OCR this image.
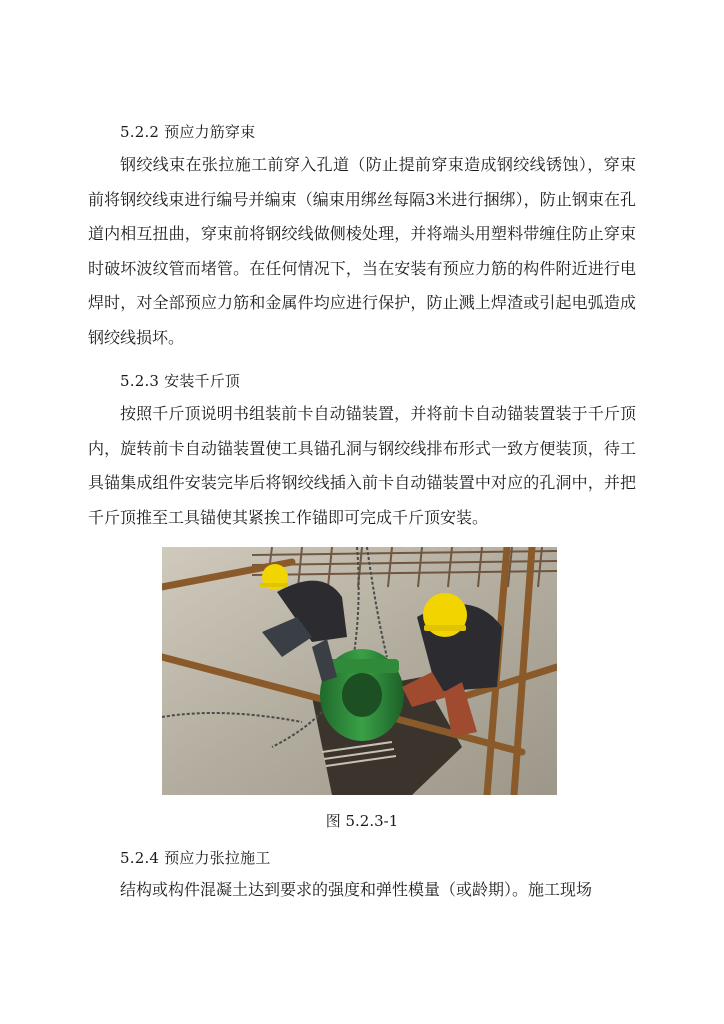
5.2.2 预应力筋穿束
钢绞线束在张拉施工前穿入孔道（防止提前穿束造成钢绞线锈蚀），穿束前将钢绞线束进行编号并编束（编束用绑丝每隔3米进行捆绑），防止钢束在孔道内相互扭曲，穿束前将钢绞线做侧棱处理，并将端头用塑料带缠住防止穿束时破坏波纹管而堵管。在任何情况下，当在安装有预应力筋的构件附近进行电焊时，对全部预应力筋和金属件均应进行保护，防止溅上焊渣或引起电弧造成钢绞线损坏。
5.2.3 安装千斤顶
按照千斤顶说明书组装前卡自动锚装置，并将前卡自动锚装置装于千斤顶内，旋转前卡自动锚装置使工具锚孔洞与钢绞线排布形式一致方便装顶，待工具锚集成组件安装完毕后将钢绞线插入前卡自动锚装置中对应的孔洞中，并把千斤顶推至工具锚使其紧挨工作锚即可完成千斤顶安装。
图 5.2.3-1
5.2.4 预应力张拉施工
结构或构件混凝土达到要求的强度和弹性模量（或龄期）。施工现场
